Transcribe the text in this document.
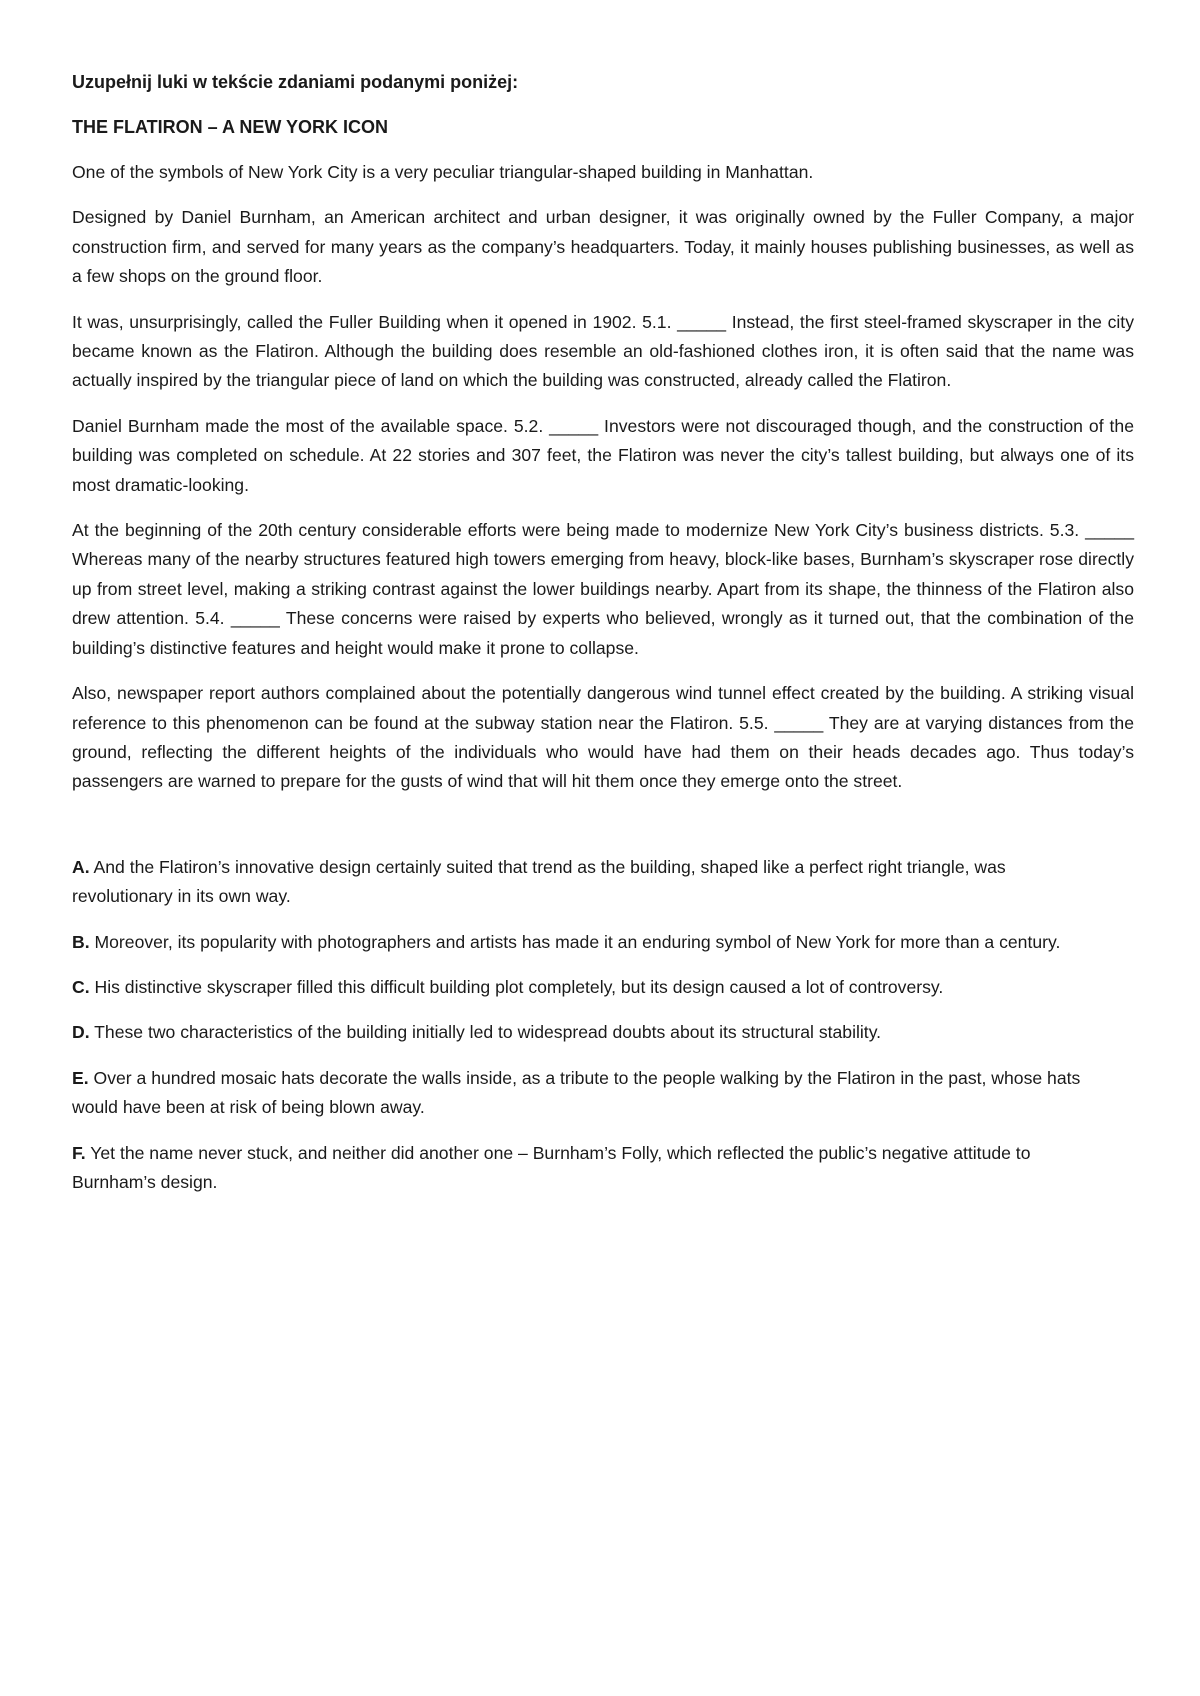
Uzupełnij luki w tekście zdaniami podanymi poniżej:

THE FLATIRON – A NEW YORK ICON

One of the symbols of New York City is a very peculiar triangular-shaped building in Manhattan.

Designed by Daniel Burnham, an American architect and urban designer, it was originally owned by the Fuller Company, a major construction firm, and served for many years as the company’s headquarters. Today, it mainly houses publishing businesses, as well as a few shops on the ground floor.

It was, unsurprisingly, called the Fuller Building when it opened in 1902. 5.1. _____ Instead, the first steel-framed skyscraper in the city became known as the Flatiron. Although the building does resemble an old-fashioned clothes iron, it is often said that the name was actually inspired by the triangular piece of land on which the building was constructed, already called the Flatiron.

Daniel Burnham made the most of the available space. 5.2. _____ Investors were not discouraged though, and the construction of the building was completed on schedule. At 22 stories and 307 feet, the Flatiron was never the city’s tallest building, but always one of its most dramatic-looking.

At the beginning of the 20th century considerable efforts were being made to modernize New York City’s business districts. 5.3. _____ Whereas many of the nearby structures featured high towers emerging from heavy, block-like bases, Burnham’s skyscraper rose directly up from street level, making a striking contrast against the lower buildings nearby. Apart from its shape, the thinness of the Flatiron also drew attention. 5.4. _____ These concerns were raised by experts who believed, wrongly as it turned out, that the combination of the building’s distinctive features and height would make it prone to collapse.

Also, newspaper report authors complained about the potentially dangerous wind tunnel effect created by the building. A striking visual reference to this phenomenon can be found at the subway station near the Flatiron. 5.5. _____ They are at varying distances from the ground, reflecting the different heights of the individuals who would have had them on their heads decades ago. Thus today’s passengers are warned to prepare for the gusts of wind that will hit them once they emerge onto the street.

A. And the Flatiron’s innovative design certainly suited that trend as the building, shaped like a perfect right triangle, was revolutionary in its own way.

B. Moreover, its popularity with photographers and artists has made it an enduring symbol of New York for more than a century.

C. His distinctive skyscraper filled this difficult building plot completely, but its design caused a lot of controversy.

D. These two characteristics of the building initially led to widespread doubts about its structural stability.

E. Over a hundred mosaic hats decorate the walls inside, as a tribute to the people walking by the Flatiron in the past, whose hats would have been at risk of being blown away.

F. Yet the name never stuck, and neither did another one – Burnham’s Folly, which reflected the public’s negative attitude to Burnham’s design.
